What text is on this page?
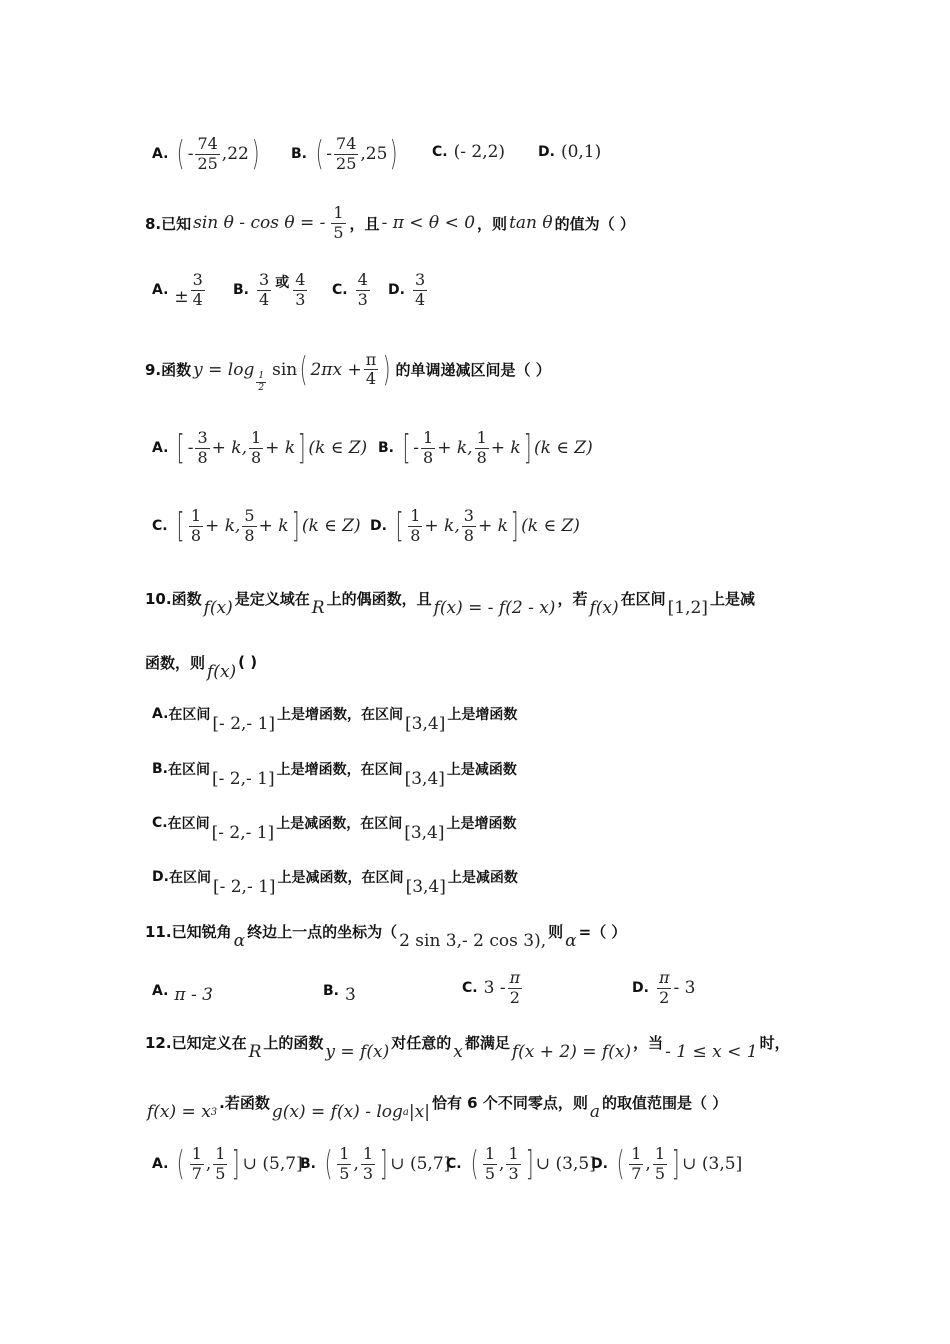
A. ( - $\frac{74}{25} ,22$ ) B. ( - $\frac{74}{25} ,25$ ) C. (- 2,2) D. (0,1)
8.已知 sin θ - cos θ = - $\frac{1}{5}$ ，且 - π < θ < 0 ，则 tan θ 的值为（ ）
A. ± $\frac{3}{4} B$. $\frac{3}{4}$ 或 $\frac{4}{3} C$. $\frac{4}{3} D$. $\frac{3}{4}$
9.函数 y = log
$\frac{1}{2}$
sin ( $2\pi x + \frac{\pi}{4}$ ) 的单调递减区间是（ ）
A. [ - $\frac{3}{8} + k$, $\frac{1}{8} + k$ ] (k ∈ Z) B. [ - $\frac{1}{8} + k$, $\frac{1}{8} + k$ ] (k ∈ Z)
C. [ $\frac{1}{8} + k$, $\frac{5}{8} + k$ ] (k ∈ Z) D. [ $\frac{1}{8} + k$, $\frac{3}{8} + k$ ] (k ∈ Z)
10.函数 f(x) 是定义域在 R 上的偶函数，且 f(x) = - f(2 - x) ，若 f(x) 在区间 [1,2] 上是减
函数，则 f(x) ( )
A. 在区间 [- 2,- 1] 上是增函数，在区间 [3,4] 上是增函数
B. 在区间 [- 2,- 1] 上是增函数，在区间 [3,4] 上是减函数
C. 在区间 [- 2,- 1] 上是减函数，在区间 [3,4] 上是增函数
D. 在区间 [- 2,- 1] 上是减函数，在区间 [3,4] 上是减函数
11.已知锐角 α 终边上一点的坐标为（ 2 sin 3,- 2 cos 3), 则 α =（ ）
A. π - 3	B. 3	C. $3 - \frac{\pi}{2}$	D. $\frac{\pi}{2} - 3$
12.已知定义在 R 上的函数 y = f(x) 对任意的 x 都满足 f(x + 2) = f(x) ，当 - 1 ≤ x < 1 时，
f(x) = x 3
.若函数 g(x) = f(x) - log a |x| 恰有 6 个不同零点，则 a 的取值范围是（ ）
A. ( $\frac{1}{7}$ , $\frac{1}{5}$ ] ∪ (5,7]
B. ( $\frac{1}{5}$ , $\frac{1}{3}$ ] ∪ (5,7]
C. ( $\frac{1}{5}$ , $\frac{1}{3}$ ] ∪ (3,5]
D. ( $\frac{1}{7}$ , $\frac{1}{5}$ ] ∪ (3,5]
